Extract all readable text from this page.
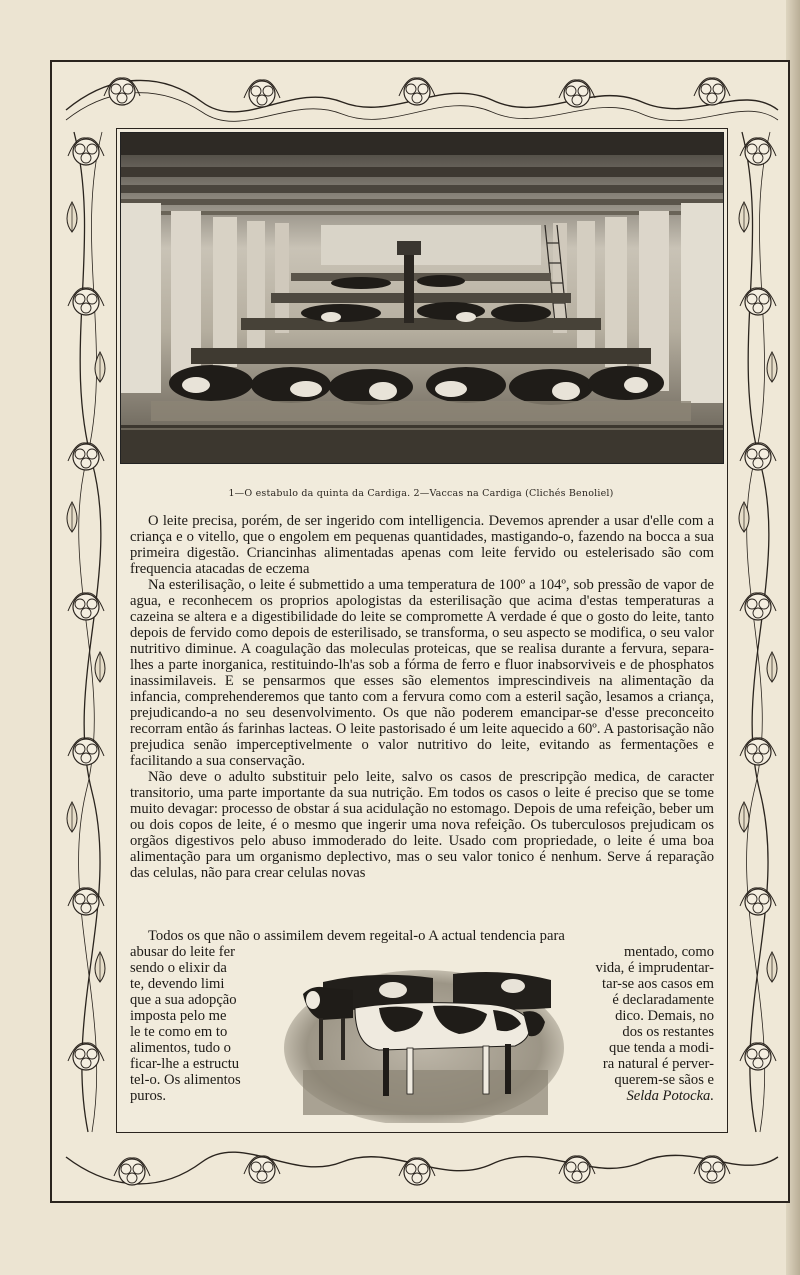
1—O estabulo da quinta da Cardiga. 2—Vaccas na Cardiga (Clichés Benoliel)

O leite precisa, porém, de ser ingerido com intelligencia. Devemos aprender a usar d'elle com a criança e o vitello, que o engolem em pequenas quantidades, mastigando-o, fazendo na bocca a sua primeira digestão. Criancinhas alimentadas apenas com leite fervido ou estelerisado são com frequencia atacadas de eczema

Na esterilisação, o leite é submettido a uma temperatura de 100º a 104º, sob pressão de vapor de agua, e reconhecem os proprios apologistas da esterilisação que acima d'estas temperaturas a cazeina se altera e a digestibilidade do leite se compromette A verdade é que o gosto do leite, tanto depois de fervido como depois de esterilisado, se transforma, o seu aspecto se modifica, o seu valor nutritivo diminue. A coagulação das moleculas proteicas, que se realisa durante a fervura, separa-lhes a parte inorganica, restituindo-lh'as sob a fórma de ferro e fluor inabsorviveis e de phosphatos inassimilaveis. E se pensarmos que esses são elementos imprescindiveis na alimentação da infancia, comprehenderemos que tanto com a fervura como com a esteril sação, lesamos a criança, prejudicando-a no seu desenvolvimento. Os que não poderem emancipar-se d'esse preconceito recorram então ás farinhas lacteas. O leite pastorisado é um leite aquecido a 60º. A pastorisação não prejudica senão imperceptivelmente o valor nutritivo do leite, evitando as fermentações e facilitando a sua conservação.

Não deve o adulto substituir pelo leite, salvo os casos de prescripção medica, de caracter transitorio, uma parte importante da sua nutrição. Em todos os casos o leite é preciso que se tome muito devagar: processo de obstar á sua acidulação no estomago. Depois de uma refeição, beber um ou dois copos de leite, é o mesmo que ingerir uma nova refeição. Os tuberculosos prejudicam os orgãos digestivos pelo abuso immoderado do leite. Usado com propriedade, o leite é uma boa alimentação para um organismo deplectivo, mas o seu valor tonico é nenhum. Serve á reparação das celulas, não para crear celulas novas

Todos os que não o assimilem devem regeital-o A actual tendencia para

abusar do leite fer
sendo o elixir da
te, devendo limi
que a sua adopção
imposta pelo me
le te como em to
alimentos, tudo o
ficar-lhe a estructu
tel-o. Os alimentos
puros.
mentado, como
vida, é imprudentar-
tar-se aos casos em
é declaradamente
dico. Demais, no
dos os restantes
que tenda a modi-
ra natural é perver-
querem-se sãos e
Selda Potocka.
